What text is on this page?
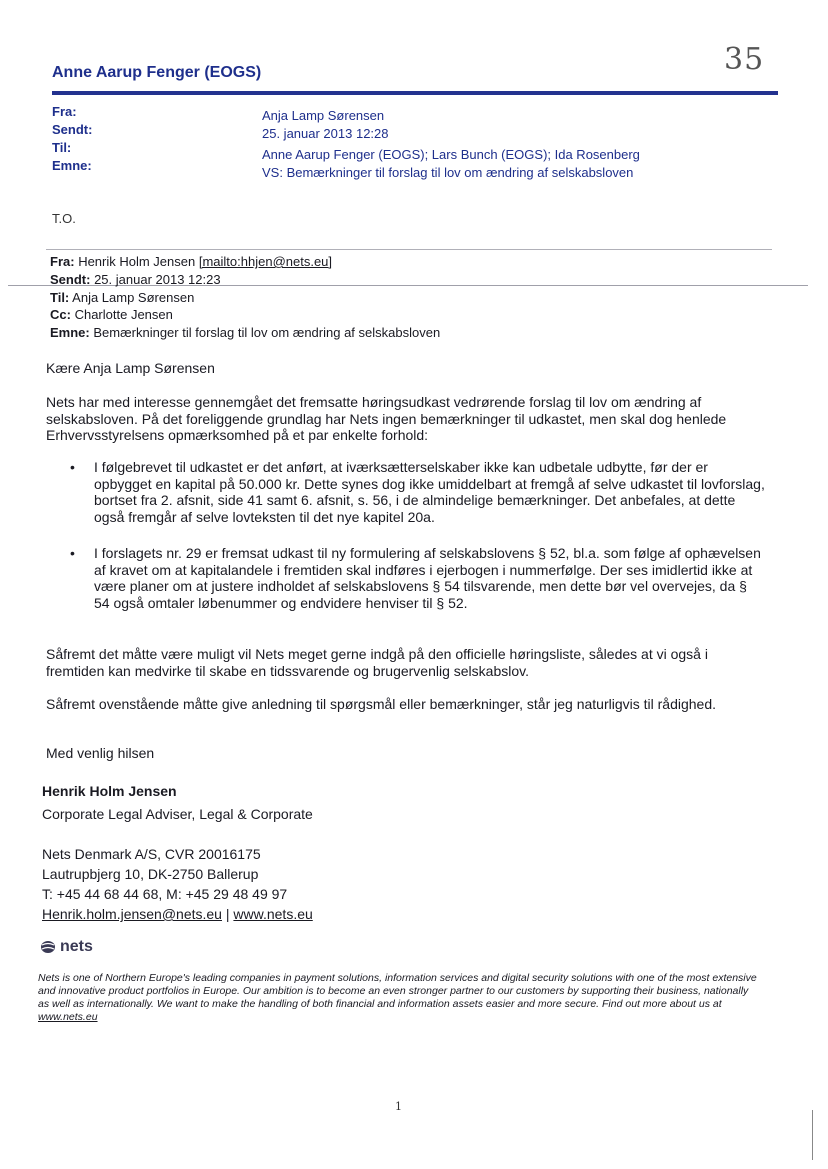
35
Anne Aarup Fenger (EOGS)
Fra:
Sendt:
Til:
Emne:
Anja Lamp Sørensen
25. januar 2013 12:28
Anne Aarup Fenger (EOGS); Lars Bunch (EOGS); Ida Rosenberg
VS: Bemærkninger til forslag til lov om ændring af selskabsloven
T.O.
Fra: Henrik Holm Jensen [mailto:hhjen@nets.eu]
Sendt: 25. januar 2013 12:23
Til: Anja Lamp Sørensen
Cc: Charlotte Jensen
Emne: Bemærkninger til forslag til lov om ændring af selskabsloven
Kære Anja Lamp Sørensen
Nets har med interesse gennemgået det fremsatte høringsudkast vedrørende forslag til lov om ændring af selskabsloven. På det foreliggende grundlag har Nets ingen bemærkninger til udkastet, men skal dog henlede Erhvervsstyrelsens opmærksomhed på et par enkelte forhold:
• I følgebrevet til udkastet er det anført, at iværksætterselskaber ikke kan udbetale udbytte, før der er opbygget en kapital på 50.000 kr. Dette synes dog ikke umiddelbart at fremgå af selve udkastet til lovforslag, bortset fra 2. afsnit, side 41 samt 6. afsnit, s. 56, i de almindelige bemærkninger. Det anbefales, at dette også fremgår af selve lovteksten til det nye kapitel 20a.
• I forslagets nr. 29 er fremsat udkast til ny formulering af selskabslovens § 52, bl.a. som følge af ophævelsen af kravet om at kapitalandele i fremtiden skal indføres i ejerbogen i nummerfølge. Der ses imidlertid ikke at være planer om at justere indholdet af selskabslovens § 54 tilsvarende, men dette bør vel overvejes, da § 54 også omtaler løbenummer og endvidere henviser til § 52.
Såfremt det måtte være muligt vil Nets meget gerne indgå på den officielle høringsliste, således at vi også i fremtiden kan medvirke til skabe en tidssvarende og brugervenlig selskabslov.
Såfremt ovenstående måtte give anledning til spørgsmål eller bemærkninger, står jeg naturligvis til rådighed.
Med venlig hilsen
Henrik Holm Jensen
Corporate Legal Adviser, Legal & Corporate
Nets Denmark A/S, CVR 20016175
Lautrupbjerg 10, DK-2750 Ballerup
T: +45 44 68 44 68, M: +45 29 48 49 97
Henrik.holm.jensen@nets.eu | www.nets.eu
nets
Nets is one of Northern Europe's leading companies in payment solutions, information services and digital security solutions with one of the most extensive and innovative product portfolios in Europe. Our ambition is to become an even stronger partner to our customers by supporting their business, nationally as well as internationally. We want to make the handling of both financial and information assets easier and more secure. Find out more about us at www.nets.eu
1
